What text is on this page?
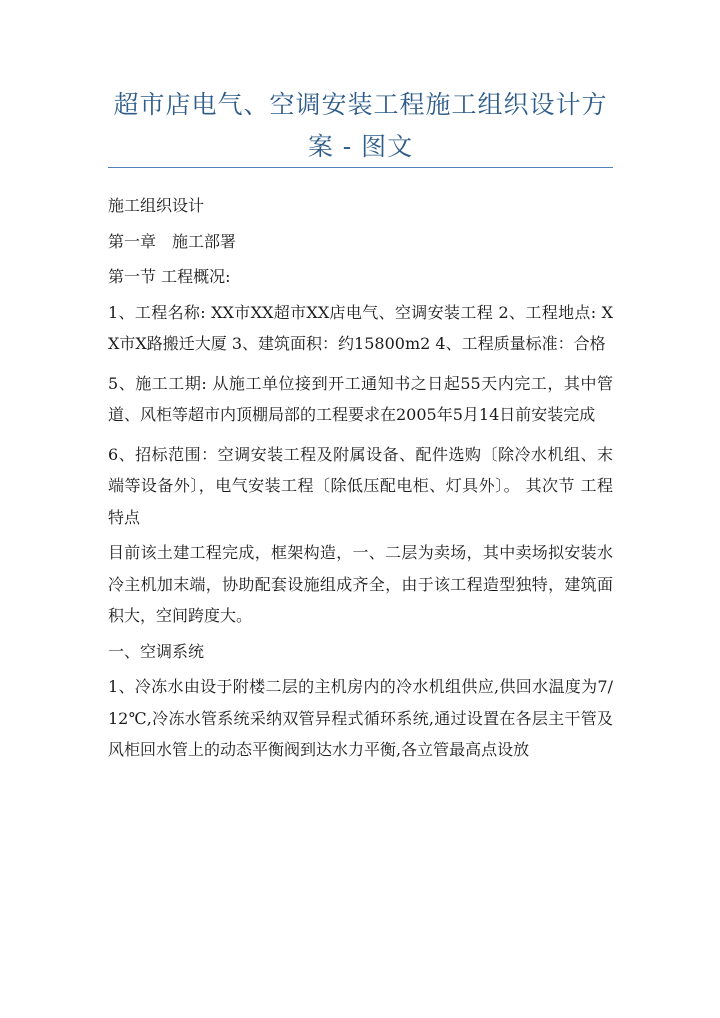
超市店电气、空调安装工程施工组织设计方案 - 图文

施工组织设计

第一章　施工部署

第一节 工程概况:

1、工程名称: XX市XX超市XX店电气、空调安装工程 2、工程地点: XX市X路搬迁大厦 3、建筑面积：约15800m2 4、工程质量标准：合格

5、施工工期: 从施工单位接到开工通知书之日起55天内完工，其中管道、风柜等超市内顶棚局部的工程要求在2005年5月14日前安装完成

6、招标范围：空调安装工程及附属设备、配件选购〔除冷水机组、末端等设备外〕，电气安装工程〔除低压配电柜、灯具外〕。 其次节 工程特点

目前该土建工程完成，框架构造，一、二层为卖场，其中卖场拟安装水冷主机加末端，协助配套设施组成齐全，由于该工程造型独特，建筑面积大，空间跨度大。

一、空调系统

1、冷冻水由设于附楼二层的主机房内的冷水机组供应,供回水温度为7/12℃,冷冻水管系统采纳双管异程式循环系统,通过设置在各层主干管及风柜回水管上的动态平衡阀到达水力平衡,各立管最高点设放
